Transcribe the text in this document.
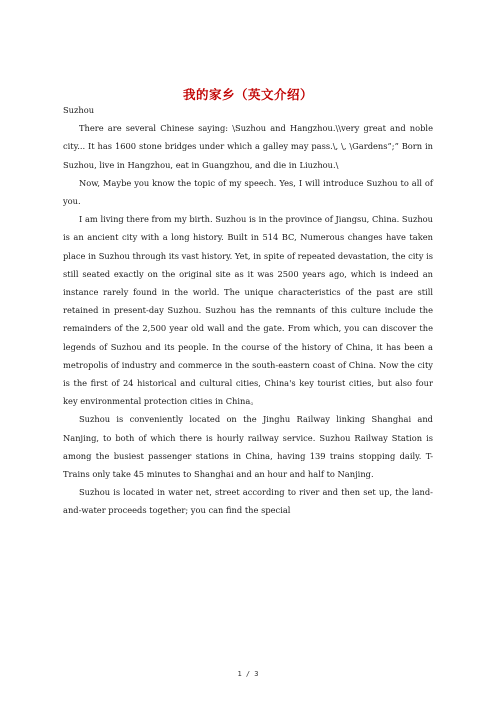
我的家乡（英文介绍）

Suzhou

There are several Chinese saying: \Suzhou and Hangzhou.\\very great and noble city... It has 1600 stone bridges under which a galley may pass.\, \, \Gardens”;” Born in Suzhou, live in Hangzhou, eat in Guangzhou, and die in Liuzhou.\

Now, Maybe you know the topic of my speech. Yes, I will introduce Suzhou to all of you.

I am living there from my birth. Suzhou is in the province of Jiangsu, China. Suzhou is an ancient city with a long history. Built in 514 BC, Numerous changes have taken place in Suzhou through its vast history. Yet, in spite of repeated devastation, the city is still seated exactly on the original site as it was 2500 years ago, which is indeed an instance rarely found in the world. The unique characteristics of the past are still retained in present-day Suzhou. Suzhou has the remnants of this culture include the remainders of the 2,500 year old wall and the gate. From which, you can discover the legends of Suzhou and its people. In the course of the history of China, it has been a metropolis of industry and commerce in the south-eastern coast of China. Now the city is the first of 24 historical and cultural cities, China's key tourist cities, but also four key environmental protection cities in China。

Suzhou is conveniently located on the Jinghu Railway linking Shanghai and Nanjing, to both of which there is hourly railway service. Suzhou Railway Station is among the busiest passenger stations in China, having 139 trains stopping daily. T-Trains only take 45 minutes to Shanghai and an hour and half to Nanjing.

Suzhou is located in water net, street according to river and then set up, the land-and-water proceeds together; you can find the special

1 / 3
